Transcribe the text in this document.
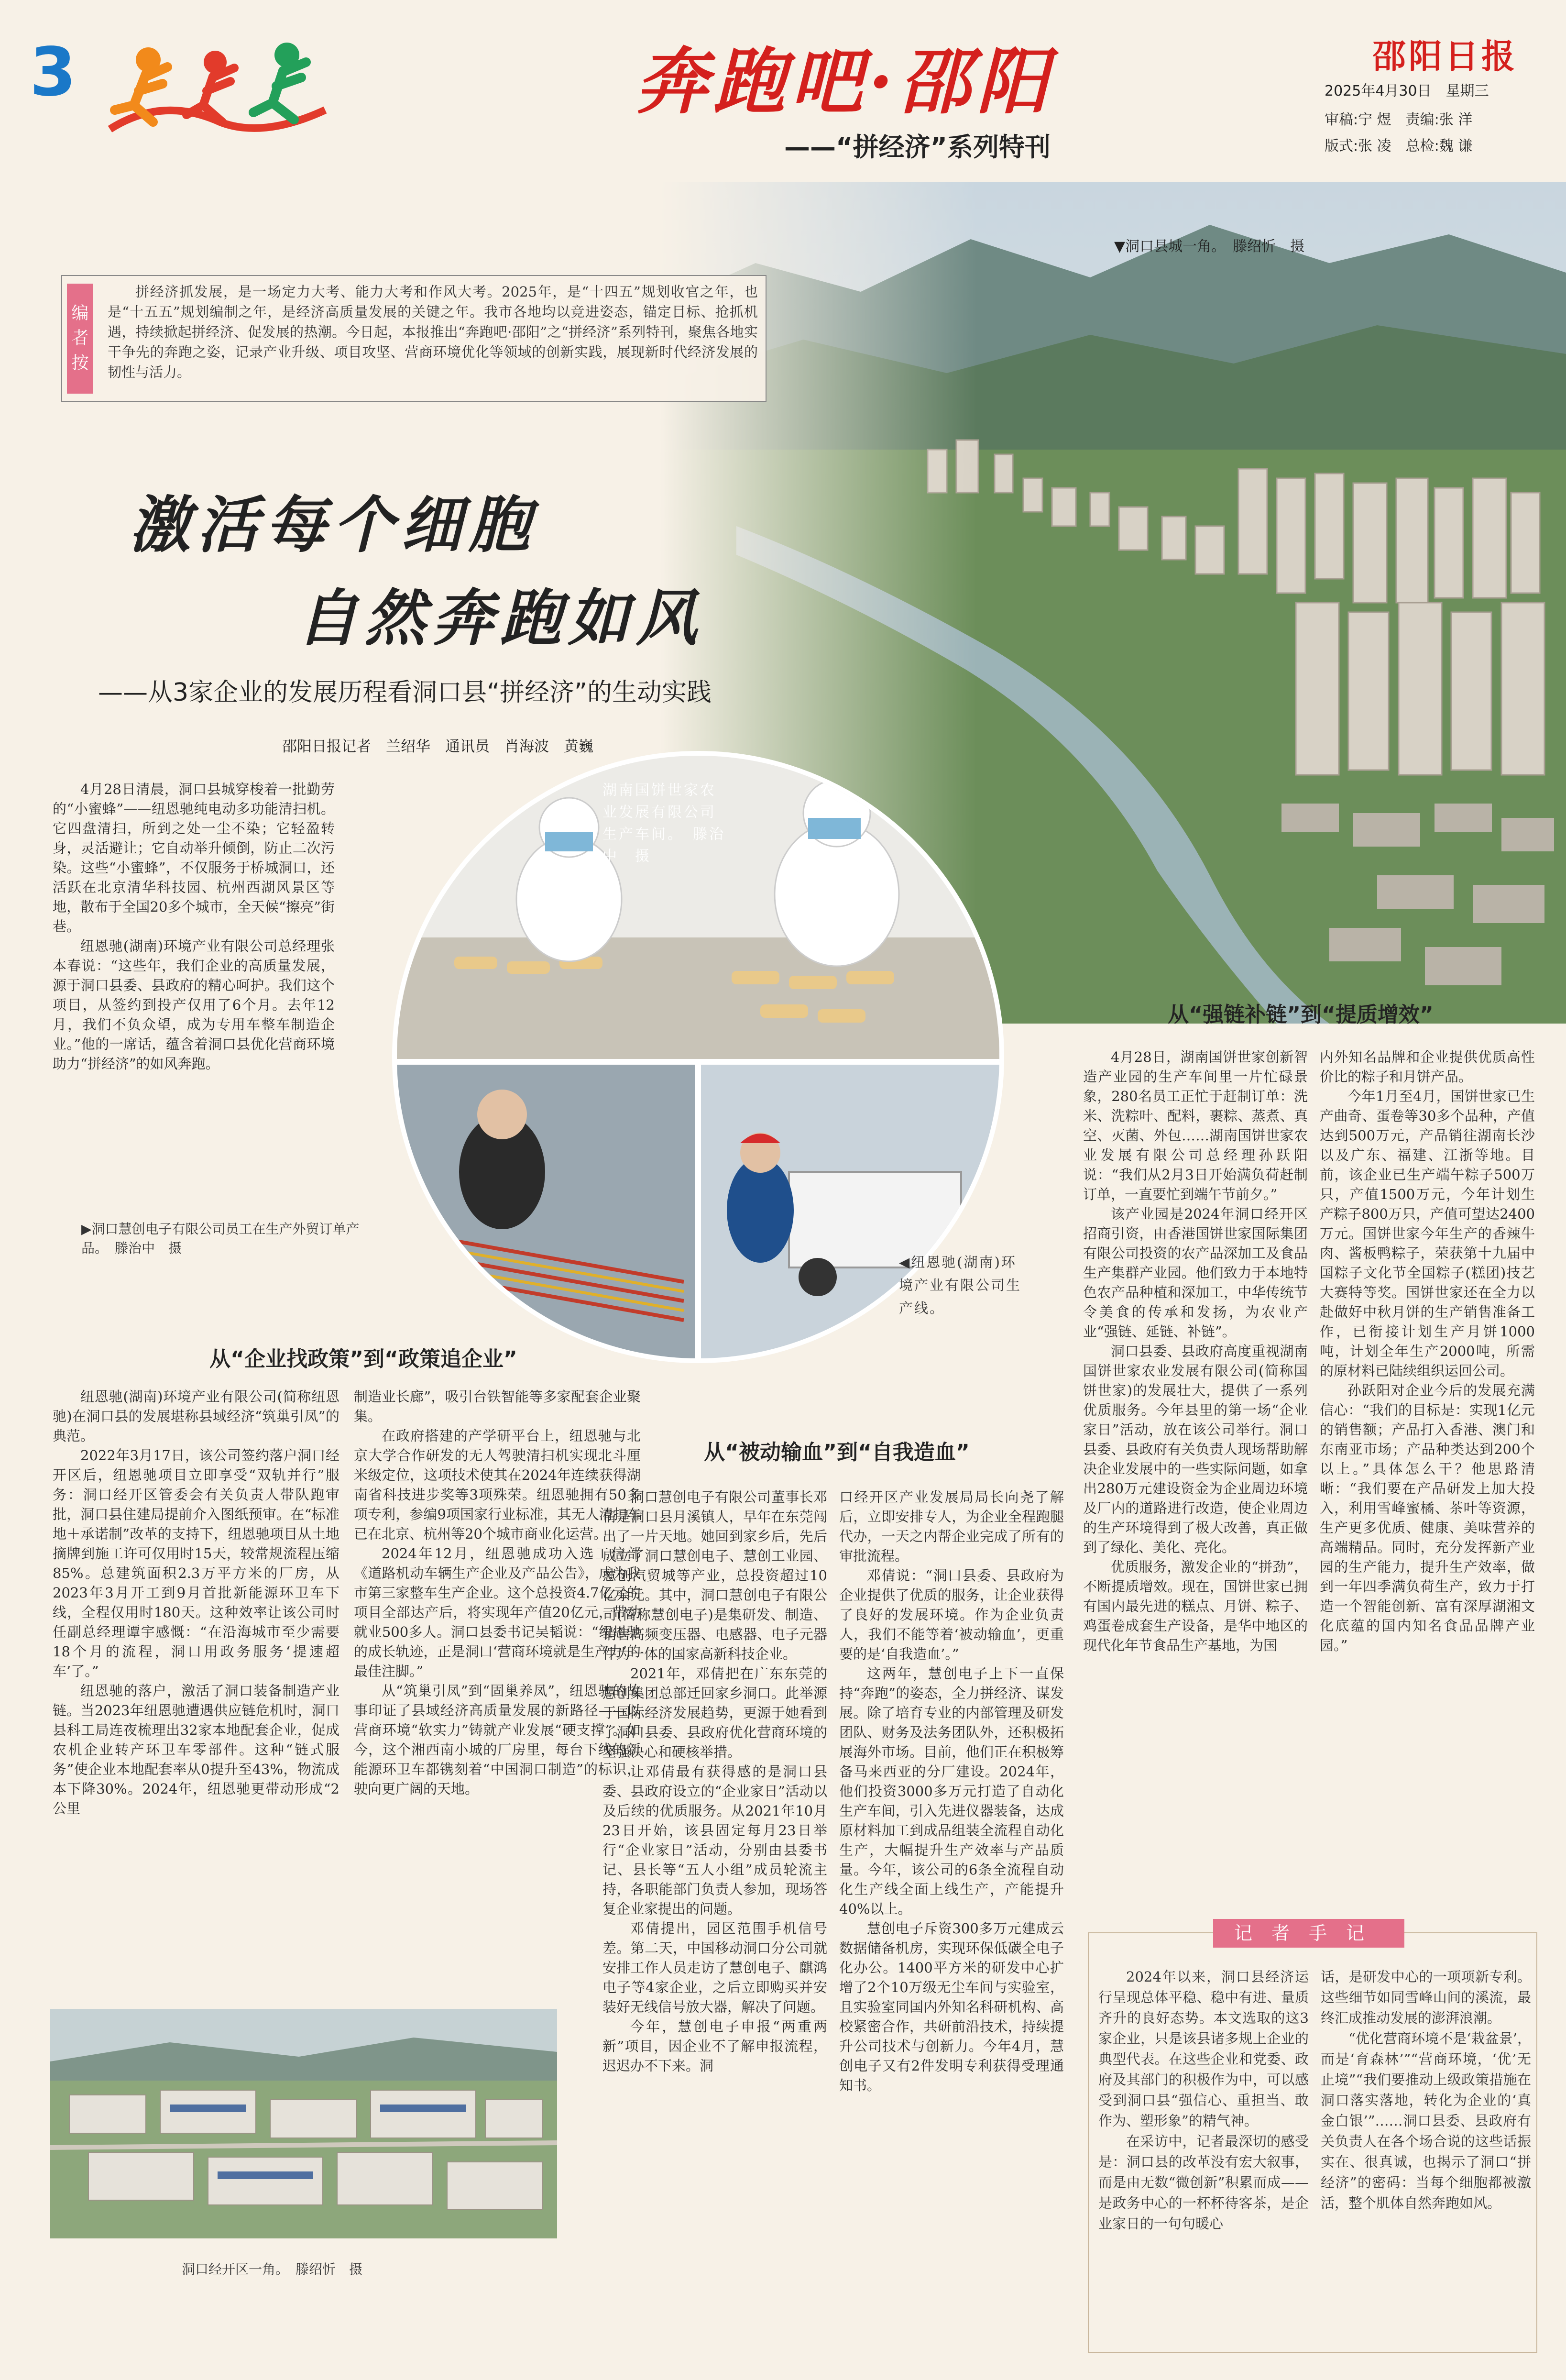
3	奔跑吧·邵阳
——“拼经济”系列特刊
邵阳日报
2025年4月30日　星期三
审稿:宁 煜　责编:张 洋
版式:张 凌　总检:魏 谦
▼洞口县城一角。　滕绍忻　摄
编者按
拼经济抓发展，是一场定力大考、能力大考和作风大考。2025年，是“十四五”规划收官之年，也是“十五五”规划编制之年，是经济高质量发展的关键之年。我市各地均以竞进姿态，锚定目标、抢抓机遇，持续掀起拼经济、促发展的热潮。今日起，本报推出“奔跑吧·邵阳”之“拼经济”系列特刊，聚焦各地实干争先的奔跑之姿，记录产业升级、项目攻坚、营商环境优化等领域的创新实践，展现新时代经济发展的韧性与活力。
激活每个细胞
自然奔跑如风
——从3家企业的发展历程看洞口县“拼经济”的生动实践
邵阳日报记者　兰绍华　通讯员　肖海波　黄巍

4月28日清晨，洞口县城穿梭着一批勤劳的“小蜜蜂”——纽恩驰纯电动多功能清扫机。它四盘清扫，所到之处一尘不染；它轻盈转身，灵活避让；它自动举升倾倒，防止二次污染。这些“小蜜蜂”，不仅服务于桥城洞口，还活跃在北京清华科技园、杭州西湖风景区等地，散布于全国20多个城市，全天候“擦亮”街巷。

纽恩驰(湖南)环境产业有限公司总经理张本春说：“这些年，我们企业的高质量发展，源于洞口县委、县政府的精心呵护。我们这个项目，从签约到投产仅用了6个月。去年12月，我们不负众望，成为专用车整车制造企业。”他的一席话，蕴含着洞口县优化营商环境助力“拼经济”的如风奔跑。

湖南国饼世家农业发展有限公司生产车间。　滕治中　摄
▶洞口慧创电子有限公司员工在生产外贸订单产品。　滕治中　摄
◀纽恩驰(湖南)环境产业有限公司生产线。
从“企业找政策”到“政策追企业”

纽恩驰(湖南)环境产业有限公司(简称纽恩驰)在洞口县的发展堪称县域经济“筑巢引凤”的典范。

2022年3月17日，该公司签约落户洞口经开区后，纽恩驰项目立即享受“双轨并行”服务：洞口经开区管委会有关负责人带队跑审批，洞口县住建局提前介入图纸预审。在“标准地＋承诺制”改革的支持下，纽恩驰项目从土地摘牌到施工许可仅用时15天，较常规流程压缩85%。总建筑面积2.3万平方米的厂房，从2023年3月开工到9月首批新能源环卫车下线，全程仅用时180天。这种效率让该公司时任副总经理谭宇感慨：“在沿海城市至少需要18个月的流程，洞口用政务服务‘提速超车’了。”

纽恩驰的落户，激活了洞口装备制造产业链。当2023年纽恩驰遭遇供应链危机时，洞口县科工局连夜梳理出32家本地配套企业，促成农机企业转产环卫车零部件。这种“链式服务”使企业本地配套率从0提升至43%，物流成本下降30%。2024年，纽恩驰更带动形成“2公里

制造业长廊”，吸引台铁智能等多家配套企业聚集。

在政府搭建的产学研平台上，纽恩驰与北京大学合作研发的无人驾驶清扫机实现北斗厘米级定位，这项技术使其在2024年连续获得湖南省科技进步奖等3项殊荣。纽恩驰拥有50多项专利，参编9项国家行业标准，其无人清扫车已在北京、杭州等20个城市商业化运营。

2024年12月，纽恩驰成功入选工信部《道路机动车辆生产企业及产品公告》，成为我市第三家整车生产企业。这个总投资4.7亿元的项目全部达产后，将实现年产值20亿元，带动就业500多人。洞口县委书记吴韬说：“纽恩驰的成长轨迹，正是洞口‘营商环境就是生产力’的最佳注脚。”

从“筑巢引凤”到“固巢养凤”，纽恩驰的故事印证了县域经济高质量发展的新路径——以营商环境“软实力”铸就产业发展“硬支撑”。如今，这个湘西南小城的厂房里，每台下线的新能源环卫车都镌刻着“中国洞口制造”的标识，驶向更广阔的天地。

洞口经开区一角。　滕绍忻　摄
从“被动输血”到“自我造血”

洞口慧创电子有限公司董事长邓倩是洞口县月溪镇人，早年在东莞闯出了一片天地。她回到家乡后，先后成立了洞口慧创电子、慧创工业园、慧创汽贸城等产业，总投资超过10亿余元。其中，洞口慧创电子有限公司(简称慧创电子)是集研发、制造、销售高频变压器、电感器、电子元器件为一体的国家高新科技企业。

2021年，邓倩把在广东东莞的慧创集团总部迁回家乡洞口。此举源于国际经济发展趋势，更源于她看到了洞口县委、县政府优化营商环境的坚强决心和硬核举措。

让邓倩最有获得感的是洞口县委、县政府设立的“企业家日”活动以及后续的优质服务。从2021年10月23日开始，该县固定每月23日举行“企业家日”活动，分别由县委书记、县长等“五人小组”成员轮流主持，各职能部门负责人参加，现场答复企业家提出的问题。

邓倩提出，园区范围手机信号差。第二天，中国移动洞口分公司就安排工作人员走访了慧创电子、麒鸿电子等4家企业，之后立即购买并安装好无线信号放大器，解决了问题。

今年，慧创电子申报“两重两新”项目，因企业不了解申报流程，迟迟办不下来。洞

口经开区产业发展局局长向尧了解后，立即安排专人，为企业全程跑腿代办，一天之内帮企业完成了所有的审批流程。

邓倩说：“洞口县委、县政府为企业提供了优质的服务，让企业获得了良好的发展环境。作为企业负责人，我们不能等着‘被动输血’，更重要的是‘自我造血’。”

这两年，慧创电子上下一直保持“奔跑”的姿态，全力拼经济、谋发展。除了培育专业的内部管理及研发团队、财务及法务团队外，还积极拓展海外市场。目前，他们正在积极筹备马来西亚的分厂建设。2024年，他们投资3000多万元打造了自动化生产车间，引入先进仪器装备，达成原材料加工到成品组装全流程自动化生产，大幅提升生产效率与产品质量。今年，该公司的6条全流程自动化生产线全面上线生产，产能提升40%以上。

慧创电子斥资300多万元建成云数据储备机房，实现环保低碳全电子化办公。1400平方米的研发中心扩增了2个10万级无尘车间与实验室，且实验室同国内外知名科研机构、高校紧密合作，共研前沿技术，持续提升公司技术与创新力。今年4月，慧创电子又有2件发明专利获得受理通知书。

从“强链补链”到“提质增效”

4月28日，湖南国饼世家创新智造产业园的生产车间里一片忙碌景象，280名员工正忙于赶制订单：洗米、洗粽叶、配料，裹粽、蒸煮、真空、灭菌、外包……湖南国饼世家农业发展有限公司总经理孙跃阳说：“我们从2月3日开始满负荷赶制订单，一直要忙到端午节前夕。”

该产业园是2024年洞口经开区招商引资，由香港国饼世家国际集团有限公司投资的农产品深加工及食品生产集群产业园。他们致力于本地特色农产品种植和深加工，中华传统节令美食的传承和发扬，为农业产业“强链、延链、补链”。

洞口县委、县政府高度重视湖南国饼世家农业发展有限公司(简称国饼世家)的发展壮大，提供了一系列优质服务。今年县里的第一场“企业家日”活动，放在该公司举行。洞口县委、县政府有关负责人现场帮助解决企业发展中的一些实际问题，如拿出280万元建设资金为企业周边环境及厂内的道路进行改造，使企业周边的生产环境得到了极大改善，真正做到了绿化、美化、亮化。

优质服务，激发企业的“拼劲”，不断提质增效。现在，国饼世家已拥有国内最先进的糕点、月饼、粽子、鸡蛋卷成套生产设备，是华中地区的现代化年节食品生产基地，为国

内外知名品牌和企业提供优质高性价比的粽子和月饼产品。

今年1月至4月，国饼世家已生产曲奇、蛋卷等30多个品种，产值达到500万元，产品销往湖南长沙以及广东、福建、江浙等地。目前，该企业已生产端午粽子500万只，产值1500万元，今年计划生产粽子800万只，产值可望达2400万元。国饼世家今年生产的香辣牛肉、酱板鸭粽子，荣获第十九届中国粽子文化节全国粽子(糕团)技艺大赛特等奖。国饼世家还在全力以赴做好中秋月饼的生产销售准备工作，已衔接计划生产月饼1000吨，计划全年生产2000吨，所需的原材料已陆续组织运回公司。

孙跃阳对企业今后的发展充满信心：“我们的目标是：实现1亿元的销售额；产品打入香港、澳门和东南亚市场；产品种类达到200个以上。”具体怎么干？他思路清晰：“我们要在产品研发上加大投入，利用雪峰蜜橘、茶叶等资源，生产更多优质、健康、美味营养的高端精品。同时，充分发挥新产业园的生产能力，提升生产效率，做到一年四季满负荷生产，致力于打造一个智能创新、富有深厚湖湘文化底蕴的国内知名食品品牌产业园。”

记者手记

2024年以来，洞口县经济运行呈现总体平稳、稳中有进、量质齐升的良好态势。本文选取的这3家企业，只是该县诸多规上企业的典型代表。在这些企业和党委、政府及其部门的积极作为中，可以感受到洞口县“强信心、重担当、敢作为、塑形象”的精气神。

在采访中，记者最深切的感受是：洞口县的改革没有宏大叙事，而是由无数“微创新”积累而成——是政务中心的一杯杯待客茶，是企业家日的一句句暖心

话，是研发中心的一项项新专利。这些细节如同雪峰山间的溪流，最终汇成推动发展的澎湃浪潮。

“优化营商环境不是‘栽盆景’，而是‘育森林’”“营商环境，‘优’无止境”“我们要推动上级政策措施在洞口落实落地，转化为企业的‘真金白银’”……洞口县委、县政府有关负责人在各个场合说的这些话振实在、很真诚，也揭示了洞口“拼经济”的密码：当每个细胞都被激活，整个肌体自然奔跑如风。
